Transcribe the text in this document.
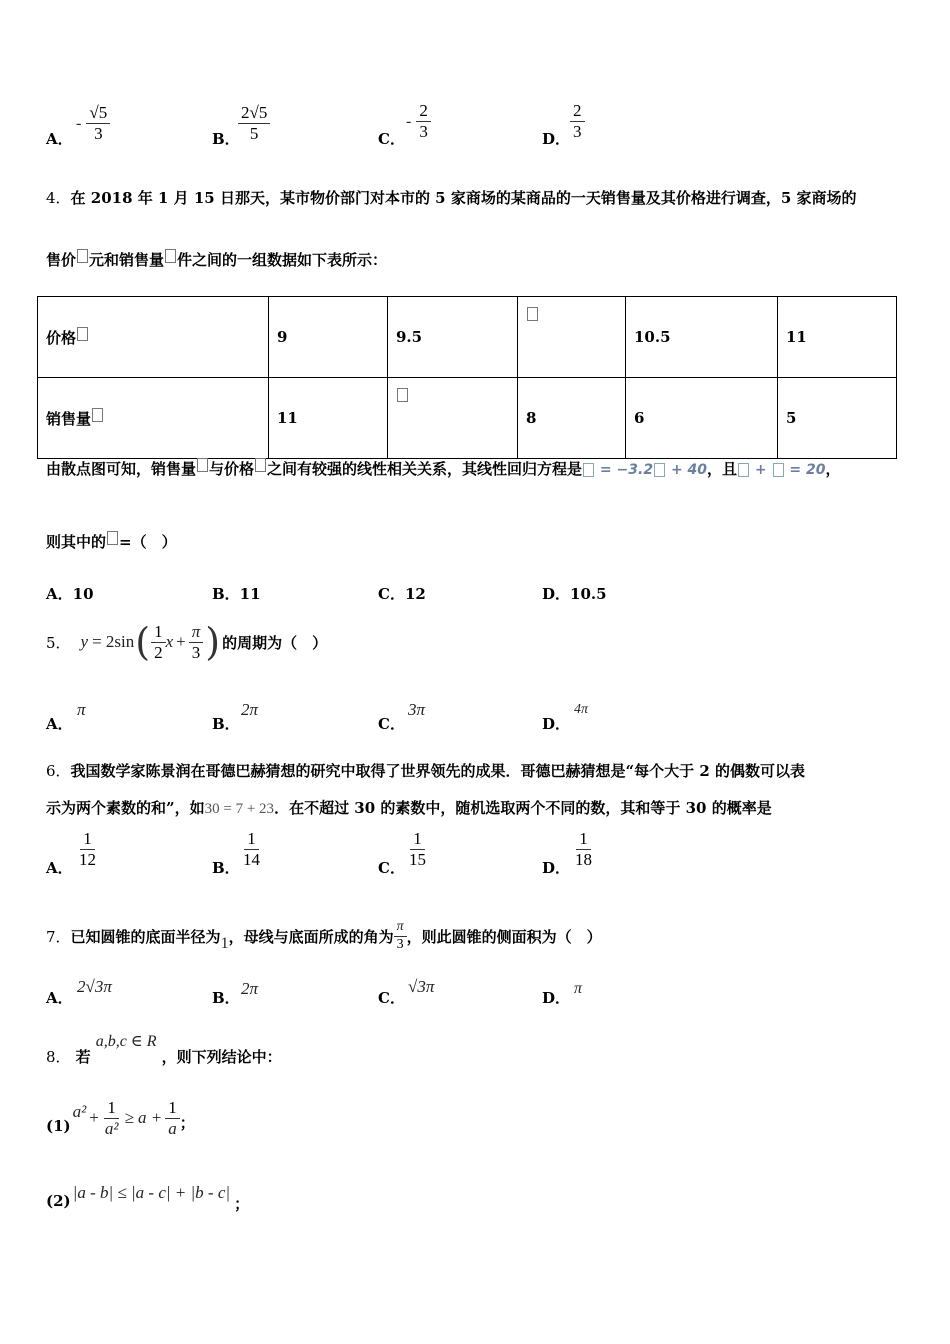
A．
- $\frac{√5}{3}$	B．
$\frac{2√5}{5}$	C．
- $\frac{2}{3}$	D． $\frac{2}{3}$
4．在 2018 年 1 月 15 日那天，某市物价部门对本市的 5 家商场的某商品的一天销售量及其价格进行调查，5 家商场的
售价 元和销售量 件之间的一组数据如下表所示：
价格	9	9.5		10.5	11
销售量	11		8	6	5
由散点图可知，销售量 与价格 之间有较强的线性相关关系，其线性回归方程是 = −3.2 + 40，且 +  = 20，
则其中的 =（　）
A．10	B．11	C．12	D．10.5
5． y = 2sin ( $\frac{1}{2}$ $x + \frac{\pi}{3}$ ) 的周期为（　）
A．
π
B．
2π
C．
3π
D．
4π
6．我国数学家陈景润在哥德巴赫猜想的研究中取得了世界领先的成果．哥德巴赫猜想是“每个大于 2 的偶数可以表
示为两个素数的和”，如30 = 7 + 23．在不超过 30 的素数中，随机选取两个不同的数，其和等于 30 的概率是
A． $\frac{1}{12}$	B． $\frac{1}{14}$	C． $\frac{1}{15}$	D． $\frac{1}{18}$
7． 已知圆锥的底面半径为 1 ，母线与底面所成的角为 $\frac{\pi}{3}$ ，则此圆锥的侧面积为（　）
A．
2√3π
B． 2π	C．
√3π
D．
π
8． 若 a,b,c ∈ R ，则下列结论中：
(1)
$a^2 + \frac{1}{\text{a²}} \ge a + \frac{1}{a}$ ；
(2) |a - b| ≤ |a - c| + |b - c|
；
